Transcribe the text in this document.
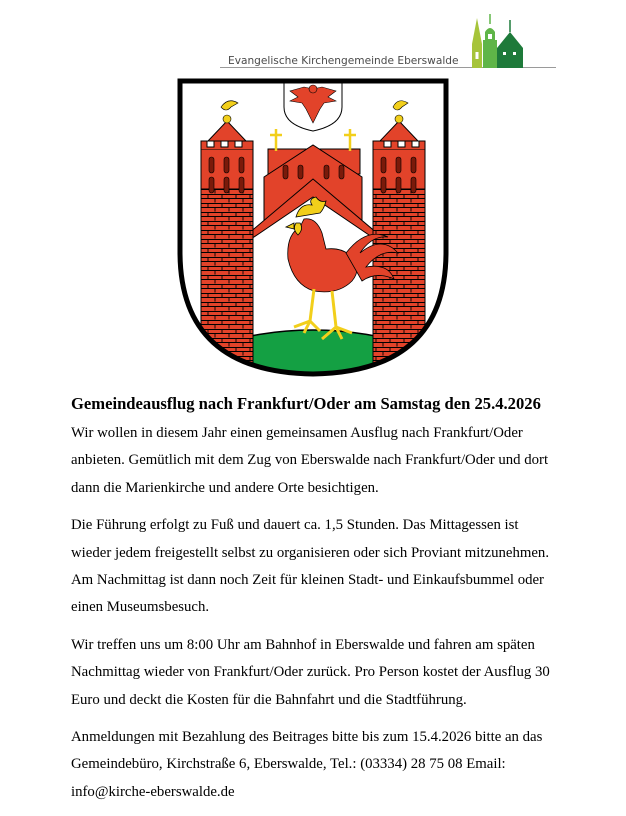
Evangelische Kirchengemeinde Eberswalde
Gemeindeausflug nach Frankfurt/Oder am Samstag den 25.4.2026

Wir wollen in diesem Jahr einen gemeinsamen Ausflug nach Frankfurt/Oder
anbieten. Gemütlich mit dem Zug von Eberswalde nach Frankfurt/Oder und dort
dann die Marienkirche und andere Orte besichtigen.

Die Führung erfolgt zu Fuß und dauert ca. 1,5 Stunden. Das Mittagessen ist
wieder jedem freigestellt selbst zu organisieren oder sich Proviant mitzunehmen.
Am Nachmittag ist dann noch Zeit für kleinen Stadt- und Einkaufsbummel oder
einen Museumsbesuch.

Wir treffen uns um 8:00 Uhr am Bahnhof in Eberswalde und fahren am späten
Nachmittag wieder von Frankfurt/Oder zurück. Pro Person kostet der Ausflug 30
Euro und deckt die Kosten für die Bahnfahrt und die Stadtführung.

Anmeldungen mit Bezahlung des Beitrages bitte bis zum 15.4.2026 bitte an das
Gemeindebüro, Kirchstraße 6, Eberswalde, Tel.: (03334) 28 75 08 Email:
info@kirche-eberswalde.de
